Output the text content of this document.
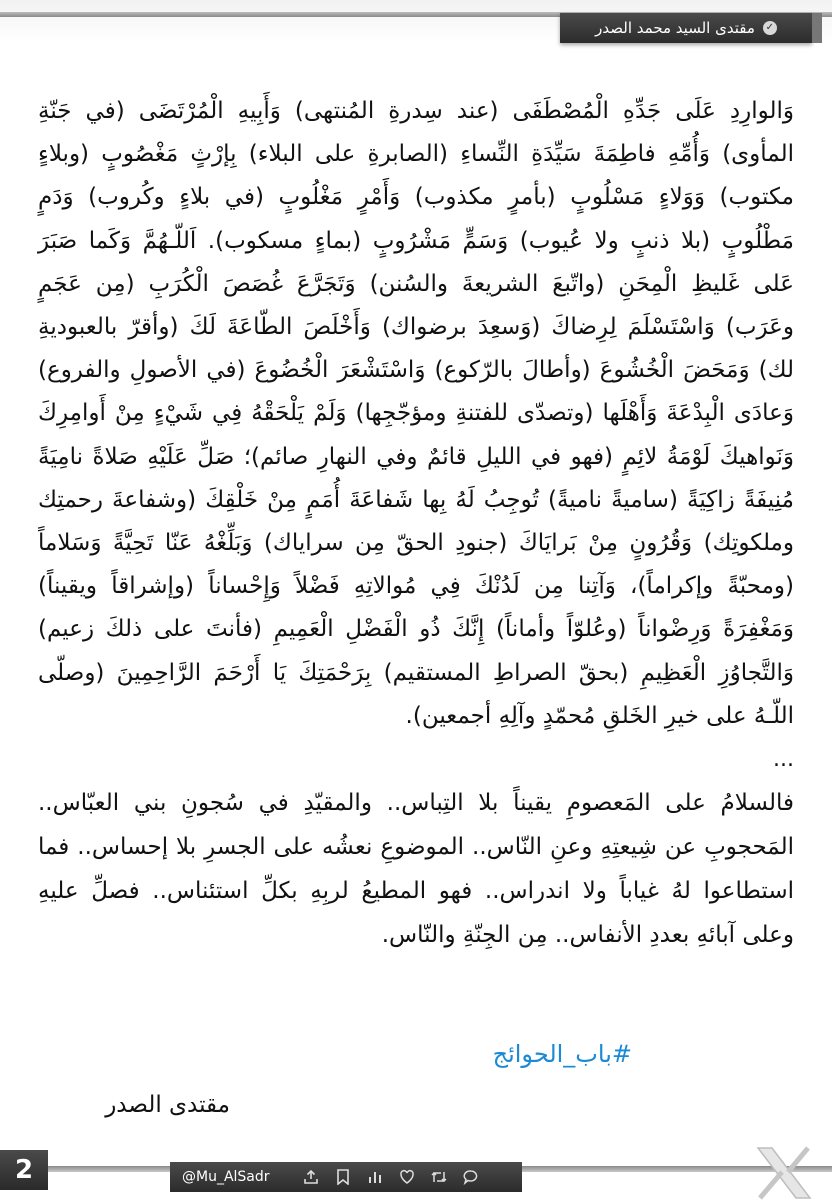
✓
مقتدى السيد محمد الصدر

وَالوارِدِ عَلَى جَدِّهِ الْمُصْطَفَى (عند سِدرةِ المُنتهى) وَأَبِيهِ الْمُرْتَضَى (في جَنّةِ المأوى) وَأُمِّهِ فاطِمَةَ سَيِّدَةِ النِّساءِ (الصابرةِ على البلاء) بِإرْثٍ مَغْصُوبٍ (وبلاءٍ مكتوب) وَوَلاءٍ مَسْلُوبٍ (بأمرٍ مكذوب) وَأَمْرٍ مَغْلُوبٍ (في بلاءٍ وكُروب) وَدَمٍ مَطْلُوبٍ (بلا ذنبٍ ولا عُيوب) وَسَمٍّ مَشْرُوبٍ (بماءٍ مسكوب). اَللّـهُمَّ وَكَما صَبَرَ عَلى غَليظِ الْمِحَنِ (واتّبعَ الشريعةَ والسُنن) وَتَجَرَّعَ غُصَصَ الْكُرَبِ (مِن عَجَمٍ وعَرَب) وَاسْتَسْلَمَ لِرِضاكَ (وَسعِدَ برضواك) وَأَخْلَصَ الطّاعَةَ لَكَ (وأقرّ بالعبوديةِ لك) وَمَحَضَ الْخُشُوعَ (وأطالَ بالرّكوع) وَاسْتَشْعَرَ الْخُضُوعَ (في الأصولِ والفروع) وَعادَى الْبِدْعَةَ وَأَهْلَها (وتصدّى للفتنةِ ومؤجّجِها) وَلَمْ يَلْحَقْهُ فِي شَيْءٍ مِنْ أَوامِرِكَ وَنَواهيكَ لَوْمَةُ لائِمٍ (فهو في الليلِ قائمٌ وفي النهارِ صائم)؛ صَلِّ عَلَيْهِ صَلاةً نامِيَةً مُنِيفَةً زاكِيَةً (ساميةً ناميةً) تُوجِبُ لَهُ بِها شَفاعَةَ أُمَمٍ مِنْ خَلْقِكَ (وشفاعةَ رحمتِك وملكوتِك) وَقُرُونٍ مِنْ بَرايَاكَ (جنودِ الحقّ مِن سراياك) وَبَلِّغْهُ عَنّا تَحِيَّةً وَسَلاماً (ومحبّةً وإكراماً)، وَآتِنا مِن لَدُنْكَ فِي مُوالاتِهِ فَضْلاً وَإِحْساناً (وإشراقاً ويقيناً) وَمَغْفِرَةً وَرِضْواناً (وعُلوّاً وأماناً) إِنَّكَ ذُو الْفَضْلِ الْعَمِيمِ (فأنتَ على ذلكَ زعيم) وَالتَّجاوُزِ الْعَظِيمِ (بحقّ الصراطِ المستقيم) بِرَحْمَتِكَ يَا أَرْحَمَ الرَّاحِمِينَ (وصلّى اللّـهُ على خيرِ الخَلقِ مُحمّدٍ وآلِهِ أجمعين).

...

فالسلامُ على المَعصومِ يقيناً بلا التِباس.. والمقيّدِ في سُجونِ بني العبّاس.. المَحجوبِ عن شِيعتِهِ وعنِ النّاس.. الموضوعِ نعشُه على الجسرِ بلا إحساس.. فما استطاعوا لهُ غياباً ولا اندراس.. فهو المطيعُ لربِهِ بكلِّ استئناس.. فصلِّ عليهِ وعلى آبائهِ بعددِ الأنفاس.. مِن الجِنّةِ والنّاس.

#باب_الحوائج
مقتدى الصدر
2	@Mu_AlSadr
